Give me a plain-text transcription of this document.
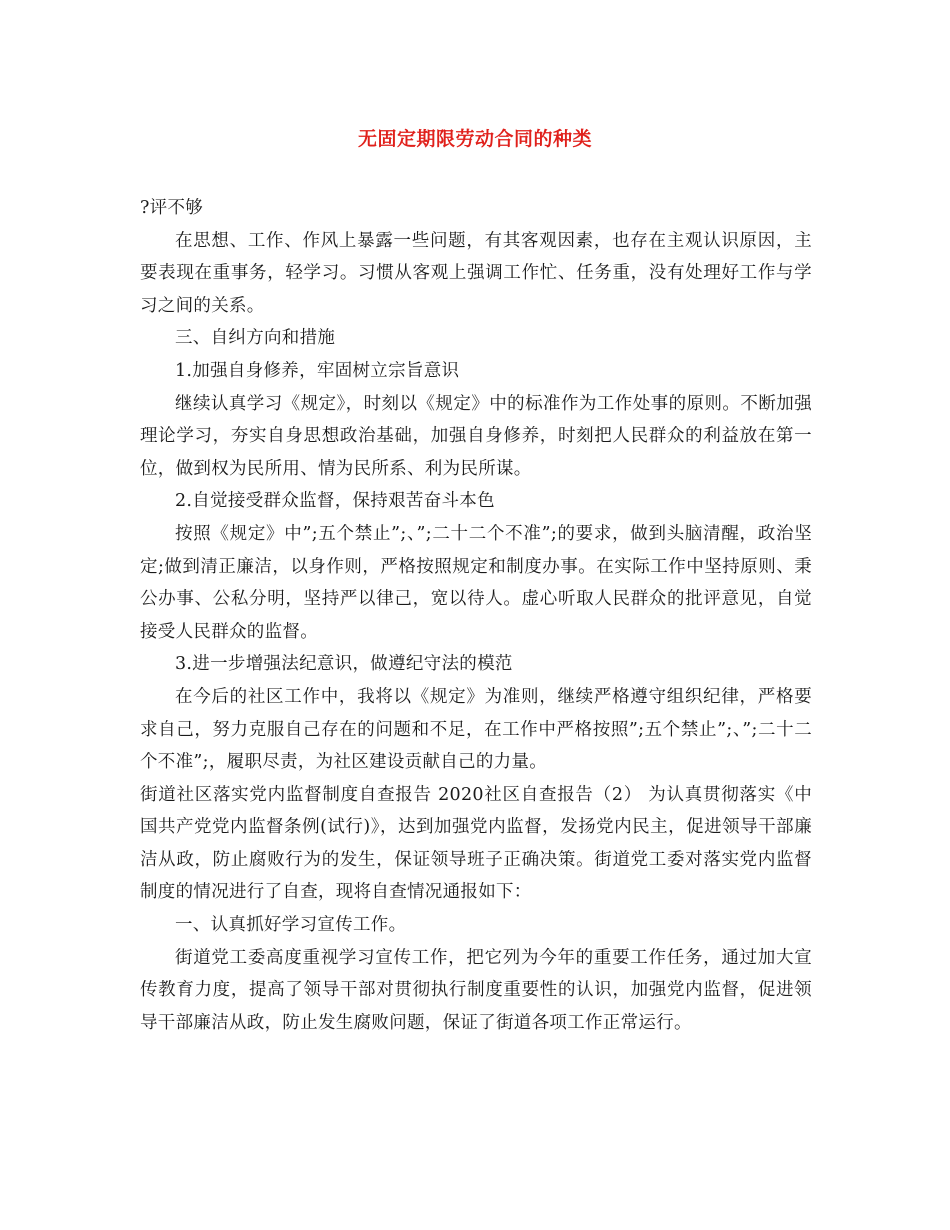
无固定期限劳动合同的种类

?评不够

在思想、工作、作风上暴露一些问题，有其客观因素，也存在主观认识原因，主要表现在重事务，轻学习。习惯从客观上强调工作忙、任务重，没有处理好工作与学习之间的关系。

三、自纠方向和措施

1.加强自身修养，牢固树立宗旨意识

继续认真学习《规定》，时刻以《规定》中的标准作为工作处事的原则。不断加强理论学习，夯实自身思想政治基础，加强自身修养，时刻把人民群众的利益放在第一位，做到权为民所用、情为民所系、利为民所谋。

2.自觉接受群众监督，保持艰苦奋斗本色

按照《规定》中”;五个禁止”;、”;二十二个不准”;的要求，做到头脑清醒，政治坚定;做到清正廉洁，以身作则，严格按照规定和制度办事。在实际工作中坚持原则、秉公办事、公私分明，坚持严以律己，宽以待人。虚心听取人民群众的批评意见，自觉接受人民群众的监督。

3.进一步增强法纪意识，做遵纪守法的模范

在今后的社区工作中，我将以《规定》为准则，继续严格遵守组织纪律，严格要求自己，努力克服自己存在的问题和不足，在工作中严格按照”;五个禁止”;、”;二十二个不准”;，履职尽责，为社区建设贡献自己的力量。

街道社区落实党内监督制度自查报告 2020社区自查报告（2） 为认真贯彻落实《中国共产党党内监督条例(试行)》，达到加强党内监督，发扬党内民主，促进领导干部廉洁从政，防止腐败行为的发生，保证领导班子正确决策。街道党工委对落实党内监督制度的情况进行了自查，现将自查情况通报如下：

一、认真抓好学习宣传工作。

街道党工委高度重视学习宣传工作，把它列为今年的重要工作任务，通过加大宣传教育力度，提高了领导干部对贯彻执行制度重要性的认识，加强党内监督，促进领导干部廉洁从政，防止发生腐败问题，保证了街道各项工作正常运行。
